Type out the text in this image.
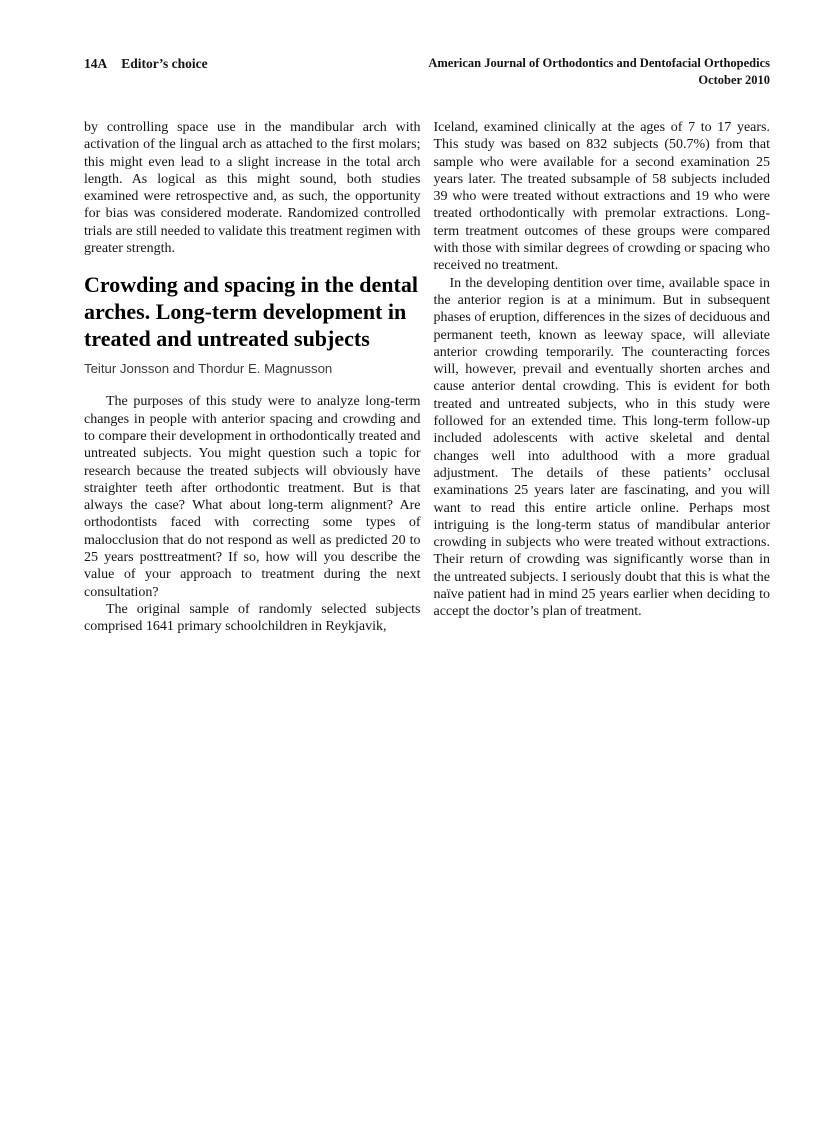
14A Editor’s choice	American Journal of Orthodontics and Dentofacial Orthopedics
October 2010

by controlling space use in the mandibular arch with activation of the lingual arch as attached to the first molars; this might even lead to a slight increase in the total arch length. As logical as this might sound, both studies examined were retrospective and, as such, the opportunity for bias was considered moderate. Randomized controlled trials are still needed to validate this treatment regimen with greater strength.

Crowding and spacing in the dental arches. Long-term development in treated and untreated subjects

Teitur Jonsson and Thordur E. Magnusson

The purposes of this study were to analyze long-term changes in people with anterior spacing and crowding and to compare their development in orthodontically treated and untreated subjects. You might question such a topic for research because the treated subjects will obviously have straighter teeth after orthodontic treatment. But is that always the case? What about long-term alignment? Are orthodontists faced with correcting some types of malocclusion that do not respond as well as predicted 20 to 25 years posttreatment? If so, how will you describe the value of your approach to treatment during the next consultation?

The original sample of randomly selected subjects comprised 1641 primary schoolchildren in Reykjavik,

Iceland, examined clinically at the ages of 7 to 17 years. This study was based on 832 subjects (50.7%) from that sample who were available for a second examination 25 years later. The treated subsample of 58 subjects included 39 who were treated without extractions and 19 who were treated orthodontically with premolar extractions. Long-term treatment outcomes of these groups were compared with those with similar degrees of crowding or spacing who received no treatment.

In the developing dentition over time, available space in the anterior region is at a minimum. But in subsequent phases of eruption, differences in the sizes of deciduous and permanent teeth, known as leeway space, will alleviate anterior crowding temporarily. The counteracting forces will, however, prevail and eventually shorten arches and cause anterior dental crowding. This is evident for both treated and untreated subjects, who in this study were followed for an extended time. This long-term follow-up included adolescents with active skeletal and dental changes well into adulthood with a more gradual adjustment. The details of these patients’ occlusal examinations 25 years later are fascinating, and you will want to read this entire article online. Perhaps most intriguing is the long-term status of mandibular anterior crowding in subjects who were treated without extractions. Their return of crowding was significantly worse than in the untreated subjects. I seriously doubt that this is what the naïve patient had in mind 25 years earlier when deciding to accept the doctor’s plan of treatment.
